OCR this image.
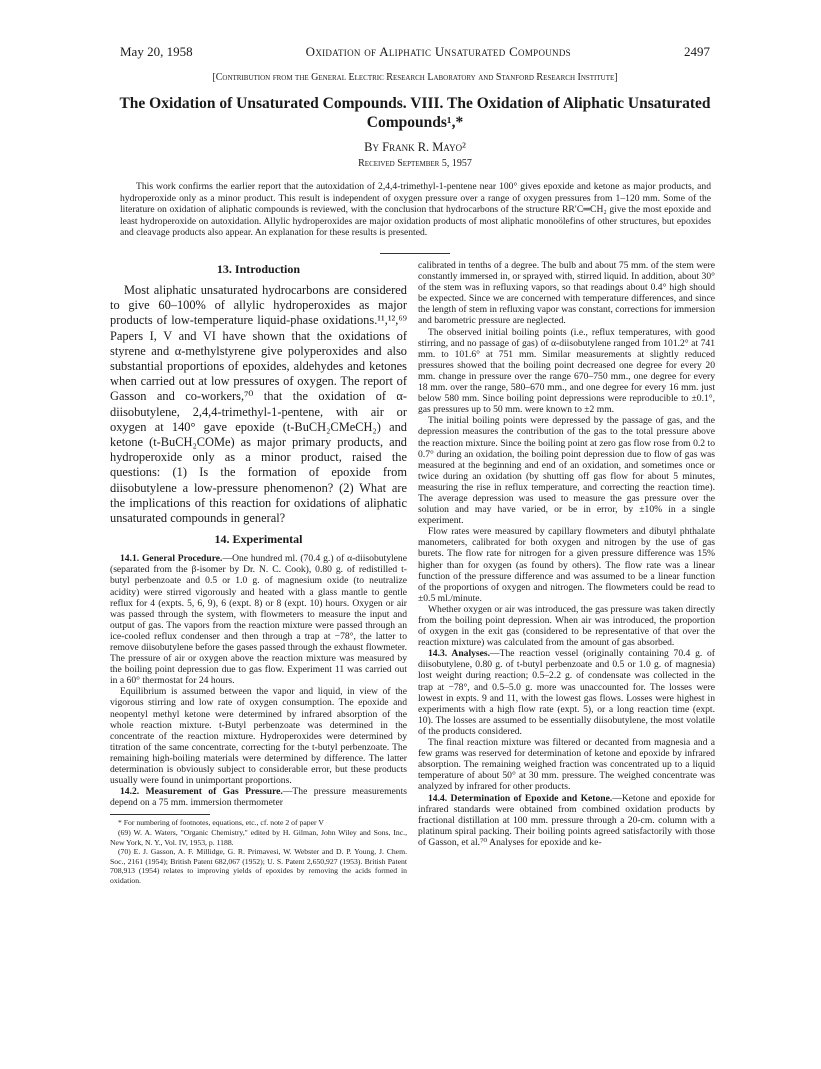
May 20, 1958	Oxidation of Aliphatic Unsaturated Compounds	2497
[Contribution from the General Electric Research Laboratory and Stanford Research Institute]
The Oxidation of Unsaturated Compounds. VIII. The Oxidation of Aliphatic Unsaturated Compounds¹,*
By Frank R. Mayo²
Received September 5, 1957

This work confirms the earlier report that the autoxidation of 2,4,4-trimethyl-1-pentene near 100° gives epoxide and ketone as major products, and hydroperoxide only as a minor product. This result is independent of oxygen pressure over a range of oxygen pressures from 1–120 mm. Some of the literature on oxidation of aliphatic compounds is reviewed, with the conclusion that hydrocarbons of the structure RR′C═CH₂ give the most epoxide and least hydroperoxide on autoxidation. Allylic hydroperoxides are major oxidation products of most aliphatic monoölefins of other structures, but epoxides and cleavage products also appear. An explanation for these results is presented.

13. Introduction

Most aliphatic unsaturated hydrocarbons are considered to give 60–100% of allylic hydroperoxides as major products of low-temperature liquid-phase oxidations.¹¹,¹²,⁶⁹ Papers I, V and VI have shown that the oxidations of styrene and α-methylstyrene give polyperoxides and also substantial proportions of epoxides, aldehydes and ketones when carried out at low pressures of oxygen. The report of Gasson and co-workers,⁷⁰ that the oxidation of α-diisobutylene, 2,4,4-trimethyl-1-pentene, with air or oxygen at 140° gave epoxide (t-BuCH₂CMeCH₂) and ketone (t-BuCH₂COMe) as major primary products, and hydroperoxide only as a minor product, raised the questions: (1) Is the formation of epoxide from diisobutylene a low-pressure phenomenon? (2) What are the implications of this reaction for oxidations of aliphatic unsaturated compounds in general?

14. Experimental

14.1. General Procedure.—One hundred ml. (70.4 g.) of α-diisobutylene (separated from the β-isomer by Dr. N. C. Cook), 0.80 g. of redistilled t-butyl perbenzoate and 0.5 or 1.0 g. of magnesium oxide (to neutralize acidity) were stirred vigorously and heated with a glass mantle to gentle reflux for 4 (expts. 5, 6, 9), 6 (expt. 8) or 8 (expt. 10) hours. Oxygen or air was passed through the system, with flowmeters to measure the input and output of gas. The vapors from the reaction mixture were passed through an ice-cooled reflux condenser and then through a trap at −78°, the latter to remove diisobutylene before the gases passed through the exhaust flowmeter. The pressure of air or oxygen above the reaction mixture was measured by the boiling point depression due to gas flow. Experiment 11 was carried out in a 60° thermostat for 24 hours.

Equilibrium is assumed between the vapor and liquid, in view of the vigorous stirring and low rate of oxygen consumption. The epoxide and neopentyl methyl ketone were determined by infrared absorption of the whole reaction mixture. t-Butyl perbenzoate was determined in the concentrate of the reaction mixture. Hydroperoxides were determined by titration of the same concentrate, correcting for the t-butyl perbenzoate. The remaining high-boiling materials were determined by difference. The latter determination is obviously subject to considerable error, but these products usually were found in unimportant proportions.

14.2. Measurement of Gas Pressure.—The pressure measurements depend on a 75 mm. immersion thermometer

* For numbering of footnotes, equations, etc., cf. note 2 of paper V

(69) W. A. Waters, "Organic Chemistry," edited by H. Gilman, John Wiley and Sons, Inc., New York, N. Y., Vol. IV, 1953, p. 1188.

(70) E. J. Gasson, A. F. Millidge, G. R. Primavesi, W. Webster and D. P. Young, J. Chem. Soc., 2161 (1954); British Patent 682,067 (1952); U. S. Patent 2,650,927 (1953). British Patent 708,913 (1954) relates to improving yields of epoxides by removing the acids formed in oxidation.

calibrated in tenths of a degree. The bulb and about 75 mm. of the stem were constantly immersed in, or sprayed with, stirred liquid. In addition, about 30° of the stem was in refluxing vapors, so that readings about 0.4° high should be expected. Since we are concerned with temperature differences, and since the length of stem in refluxing vapor was constant, corrections for immersion and barometric pressure are neglected.

The observed initial boiling points (i.e., reflux temperatures, with good stirring, and no passage of gas) of α-diisobutylene ranged from 101.2° at 741 mm. to 101.6° at 751 mm. Similar measurements at slightly reduced pressures showed that the boiling point decreased one degree for every 20 mm. change in pressure over the range 670–750 mm., one degree for every 18 mm. over the range, 580–670 mm., and one degree for every 16 mm. just below 580 mm. Since boiling point depressions were reproducible to ±0.1°, gas pressures up to 50 mm. were known to ±2 mm.

The initial boiling points were depressed by the passage of gas, and the depression measures the contribution of the gas to the total pressure above the reaction mixture. Since the boiling point at zero gas flow rose from 0.2 to 0.7° during an oxidation, the boiling point depression due to flow of gas was measured at the beginning and end of an oxidation, and sometimes once or twice during an oxidation (by shutting off gas flow for about 5 minutes, measuring the rise in reflux temperature, and correcting the reaction time). The average depression was used to measure the gas pressure over the solution and may have varied, or be in error, by ±10% in a single experiment.

Flow rates were measured by capillary flowmeters and dibutyl phthalate manometers, calibrated for both oxygen and nitrogen by the use of gas burets. The flow rate for nitrogen for a given pressure difference was 15% higher than for oxygen (as found by others). The flow rate was a linear function of the pressure difference and was assumed to be a linear function of the proportions of oxygen and nitrogen. The flowmeters could be read to ±0.5 ml./minute.

Whether oxygen or air was introduced, the gas pressure was taken directly from the boiling point depression. When air was introduced, the proportion of oxygen in the exit gas (considered to be representative of that over the reaction mixture) was calculated from the amount of gas absorbed.

14.3. Analyses.—The reaction vessel (originally containing 70.4 g. of diisobutylene, 0.80 g. of t-butyl perbenzoate and 0.5 or 1.0 g. of magnesia) lost weight during reaction; 0.5–2.2 g. of condensate was collected in the trap at −78°, and 0.5–5.0 g. more was unaccounted for. The losses were lowest in expts. 9 and 11, with the lowest gas flows. Losses were highest in experiments with a high flow rate (expt. 5), or a long reaction time (expt. 10). The losses are assumed to be essentially diisobutylene, the most volatile of the products considered.

The final reaction mixture was filtered or decanted from magnesia and a few grams was reserved for determination of ketone and epoxide by infrared absorption. The remaining weighed fraction was concentrated up to a liquid temperature of about 50° at 30 mm. pressure. The weighed concentrate was analyzed by infrared for other products.

14.4. Determination of Epoxide and Ketone.—Ketone and epoxide for infrared standards were obtained from combined oxidation products by fractional distillation at 100 mm. pressure through a 20-cm. column with a platinum spiral packing. Their boiling points agreed satisfactorily with those of Gasson, et al.⁷⁰ Analyses for epoxide and ke-
